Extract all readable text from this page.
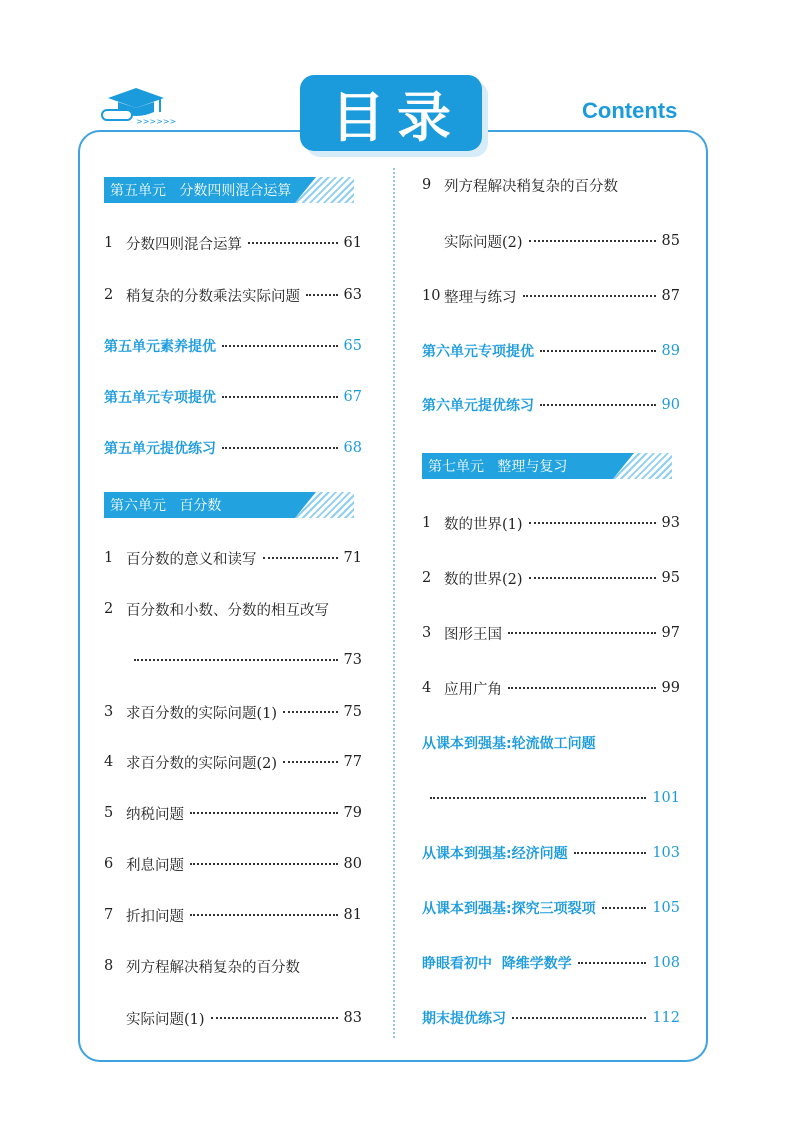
>>>>>>	目录	Contents
第五单元   分数四则混合运算
1 分数四则混合运算	61
2 稍复杂的分数乘法实际问题	63
第五单元素养提优	65
第五单元专项提优	67
第五单元提优练习	68
第六单元   百分数
1 百分数的意义和读写	71
2 百分数和小数、分数的相互改写
73
3 求百分数的实际问题(1)	75
4 求百分数的实际问题(2)	77
5 纳税问题	79
6 利息问题	80
7 折扣问题	81
8 列方程解决稍复杂的百分数
实际问题(1)	83
9 列方程解决稍复杂的百分数
实际问题(2)	85
10 整理与练习	87
第六单元专项提优	89
第六单元提优练习	90
第七单元   整理与复习
1 数的世界(1)	93
2 数的世界(2)	95
3 图形王国	97
4 应用广角	99
从课本到强基:轮流做工问题
101
从课本到强基:经济问题	103
从课本到强基:探究三项裂项	105
睁眼看初中  降维学数学	108
期末提优练习	112
